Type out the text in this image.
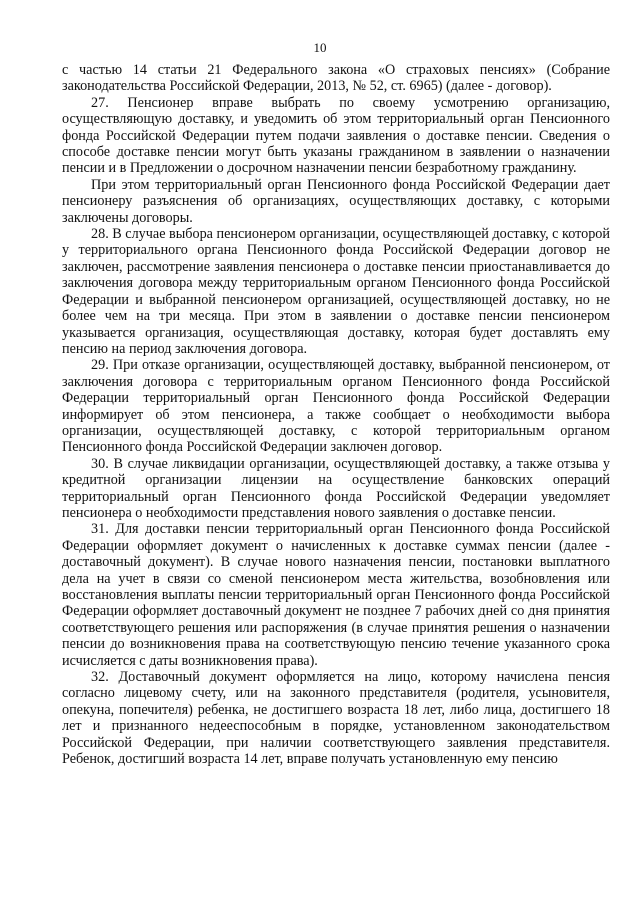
10

с частью 14 статьи 21 Федерального закона «О страховых пенсиях» (Собрание законодательства Российской Федерации, 2013, № 52, ст. 6965) (далее - договор).

27. Пенсионер вправе выбрать по своему усмотрению организацию, осуществляющую доставку, и уведомить об этом территориальный орган Пенсионного фонда Российской Федерации путем подачи заявления о доставке пенсии. Сведения о способе доставке пенсии могут быть указаны гражданином в заявлении о назначении пенсии и в Предложении о досрочном назначении пенсии безработному гражданину.

При этом территориальный орган Пенсионного фонда Российской Федерации дает пенсионеру разъяснения об организациях, осуществляющих доставку, с которыми заключены договоры.

28. В случае выбора пенсионером организации, осуществляющей доставку, с которой у территориального органа Пенсионного фонда Российской Федерации договор не заключен, рассмотрение заявления пенсионера о доставке пенсии приостанавливается до заключения договора между территориальным органом Пенсионного фонда Российской Федерации и выбранной пенсионером организацией, осуществляющей доставку, но не более чем на три месяца. При этом в заявлении о доставке пенсии пенсионером указывается организация, осуществляющая доставку, которая будет доставлять ему пенсию на период заключения договора.

29. При отказе организации, осуществляющей доставку, выбранной пенсионером, от заключения договора с территориальным органом Пенсионного фонда Российской Федерации территориальный орган Пенсионного фонда Российской Федерации информирует об этом пенсионера, а также сообщает о необходимости выбора организации, осуществляющей доставку, с которой территориальным органом Пенсионного фонда Российской Федерации заключен договор.

30. В случае ликвидации организации, осуществляющей доставку, а также отзыва у кредитной организации лицензии на осуществление банковских операций территориальный орган Пенсионного фонда Российской Федерации уведомляет пенсионера о необходимости представления нового заявления о доставке пенсии.

31. Для доставки пенсии территориальный орган Пенсионного фонда Российской Федерации оформляет документ о начисленных к доставке суммах пенсии (далее - доставочный документ). В случае нового назначения пенсии, постановки выплатного дела на учет в связи со сменой пенсионером места жительства, возобновления или восстановления выплаты пенсии территориальный орган Пенсионного фонда Российской Федерации оформляет доставочный документ не позднее 7 рабочих дней со дня принятия соответствующего решения или распоряжения (в случае принятия решения о назначении пенсии до возникновения права на соответствующую пенсию течение указанного срока исчисляется с даты возникновения права).

32. Доставочный документ оформляется на лицо, которому начислена пенсия согласно лицевому счету, или на законного представителя (родителя, усыновителя, опекуна, попечителя) ребенка, не достигшего возраста 18 лет, либо лица, достигшего 18 лет и признанного недееспособным в порядке, установленном законодательством Российской Федерации, при наличии соответствующего заявления представителя. Ребенок, достигший возраста 14 лет, вправе получать установленную ему пенсию
